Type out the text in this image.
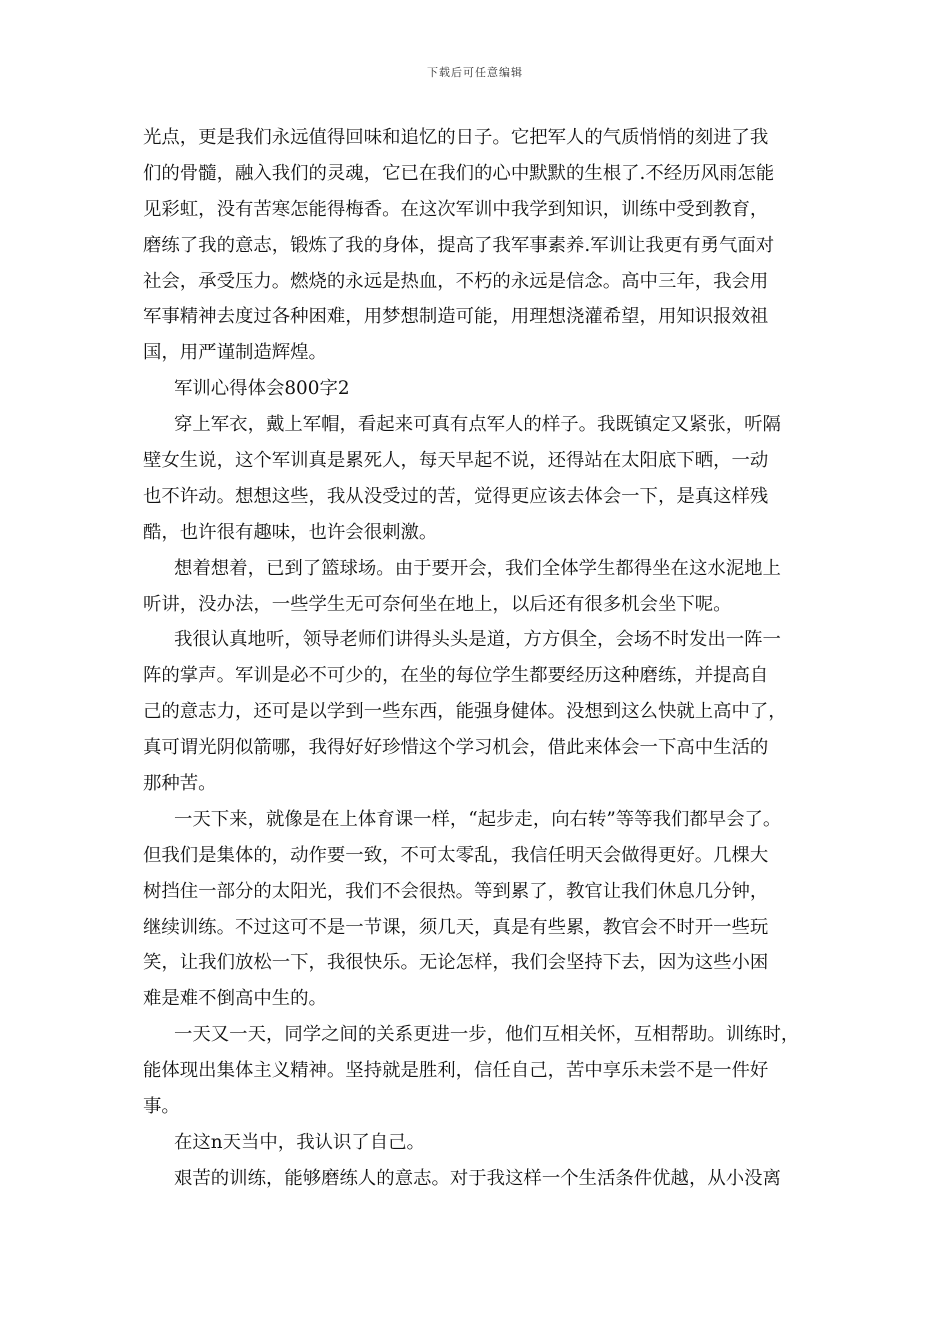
下载后可任意编辑
光点，更是我们永远值得回味和追忆的日子。它把军人的气质悄悄的刻进了我
们的骨髓，融入我们的灵魂，它已在我们的心中默默的生根了.不经历风雨怎能
见彩虹，没有苦寒怎能得梅香。在这次军训中我学到知识，训练中受到教育，
磨练了我的意志，锻炼了我的身体，提高了我军事素养.军训让我更有勇气面对
社会，承受压力。燃烧的永远是热血，不朽的永远是信念。高中三年，我会用
军事精神去度过各种困难，用梦想制造可能，用理想浇灌希望，用知识报效祖
国，用严谨制造辉煌。
军训心得体会800字2
穿上军衣，戴上军帽，看起来可真有点军人的样子。我既镇定又紧张，听隔
壁女生说，这个军训真是累死人，每天早起不说，还得站在太阳底下晒，一动
也不许动。想想这些，我从没受过的苦，觉得更应该去体会一下，是真这样残
酷，也许很有趣味，也许会很刺激。
想着想着，已到了篮球场。由于要开会，我们全体学生都得坐在这水泥地上
听讲，没办法，一些学生无可奈何坐在地上，以后还有很多机会坐下呢。
我很认真地听，领导老师们讲得头头是道，方方俱全，会场不时发出一阵一
阵的掌声。军训是必不可少的，在坐的每位学生都要经历这种磨练，并提高自
己的意志力，还可是以学到一些东西，能强身健体。没想到这么快就上高中了，
真可谓光阴似箭哪，我得好好珍惜这个学习机会，借此来体会一下高中生活的
那种苦。
一天下来，就像是在上体育课一样，“起步走，向右转”等等我们都早会了。
但我们是集体的，动作要一致，不可太零乱，我信任明天会做得更好。几棵大
树挡住一部分的太阳光，我们不会很热。等到累了，教官让我们休息几分钟，
继续训练。不过这可不是一节课，须几天，真是有些累，教官会不时开一些玩
笑，让我们放松一下，我很快乐。无论怎样，我们会坚持下去，因为这些小困
难是难不倒高中生的。
一天又一天，同学之间的关系更进一步，他们互相关怀，互相帮助。训练时，
能体现出集体主义精神。坚持就是胜利，信任自己，苦中享乐未尝不是一件好
事。
在这n天当中，我认识了自己。
艰苦的训练，能够磨练人的意志。对于我这样一个生活条件优越，从小没离
